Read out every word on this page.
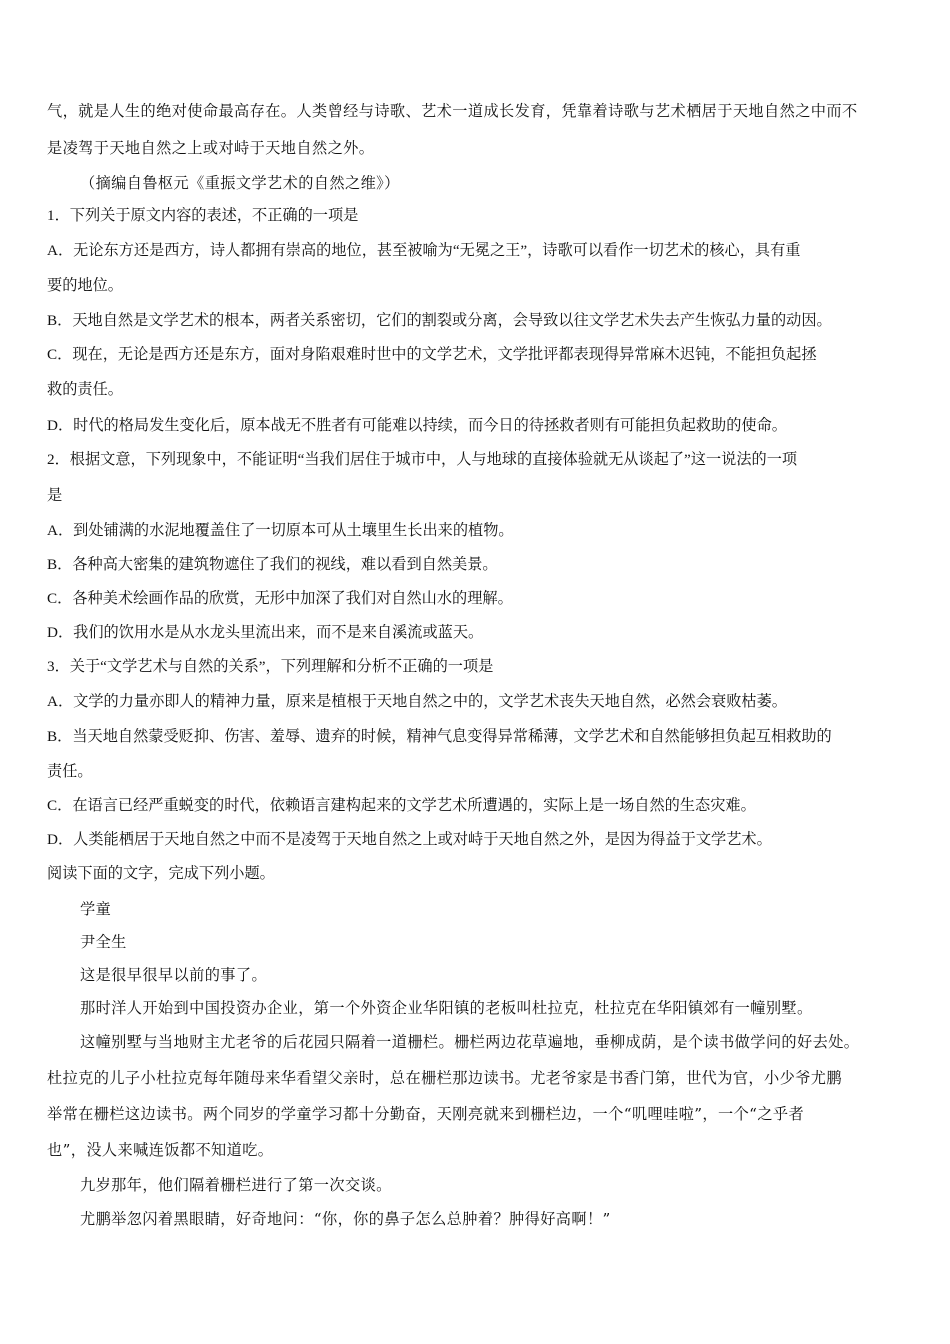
气，就是人生的绝对使命最高存在。人类曾经与诗歌、艺术一道成长发育，凭靠着诗歌与艺术栖居于天地自然之中而不
是凌驾于天地自然之上或对峙于天地自然之外。
（摘编自鲁枢元《重振文学艺术的自然之维》）
1．下列关于原文内容的表述，不正确的一项是
A．无论东方还是西方，诗人都拥有崇高的地位，甚至被喻为“无冕之王”，诗歌可以看作一切艺术的核心，具有重
要的地位。
B．天地自然是文学艺术的根本，两者关系密切，它们的割裂或分离，会导致以往文学艺术失去产生恢弘力量的动因。
C．现在，无论是西方还是东方，面对身陷艰难时世中的文学艺术，文学批评都表现得异常麻木迟钝，不能担负起拯
救的责任。
D．时代的格局发生变化后，原本战无不胜者有可能难以持续，而今日的待拯救者则有可能担负起救助的使命。
2．根据文意，下列现象中，不能证明“当我们居住于城市中，人与地球的直接体验就无从谈起了”这一说法的一项
是
A．到处铺满的水泥地覆盖住了一切原本可从土壤里生长出来的植物。
B．各种高大密集的建筑物遮住了我们的视线，难以看到自然美景。
C．各种美术绘画作品的欣赏，无形中加深了我们对自然山水的理解。
D．我们的饮用水是从水龙头里流出来，而不是来自溪流或蓝天。
3．关于“文学艺术与自然的关系”，下列理解和分析不正确的一项是
A．文学的力量亦即人的精神力量，原来是植根于天地自然之中的，文学艺术丧失天地自然，必然会衰败枯萎。
B．当天地自然蒙受贬抑、伤害、羞辱、遗弃的时候，精神气息变得异常稀薄，文学艺术和自然能够担负起互相救助的
责任。
C．在语言已经严重蜕变的时代，依赖语言建构起来的文学艺术所遭遇的，实际上是一场自然的生态灾难。
D．人类能栖居于天地自然之中而不是凌驾于天地自然之上或对峙于天地自然之外，是因为得益于文学艺术。
阅读下面的文字，完成下列小题。
学童
尹全生
这是很早很早以前的事了。
那时洋人开始到中国投资办企业，第一个外资企业华阳镇的老板叫杜拉克，杜拉克在华阳镇郊有一幢别墅。
这幢别墅与当地财主尤老爷的后花园只隔着一道栅栏。栅栏两边花草遍地，垂柳成荫，是个读书做学问的好去处。
杜拉克的儿子小杜拉克每年随母来华看望父亲时，总在栅栏那边读书。尤老爷家是书香门第，世代为官，小少爷尤鹏
举常在栅栏这边读书。两个同岁的学童学习都十分勤奋，天刚亮就来到栅栏边，一个“叽哩哇啦”，一个“之乎者
也”，没人来喊连饭都不知道吃。
九岁那年，他们隔着栅栏进行了第一次交谈。
尤鹏举忽闪着黑眼睛，好奇地问：“你，你的鼻子怎么总肿着？肿得好高啊！”
